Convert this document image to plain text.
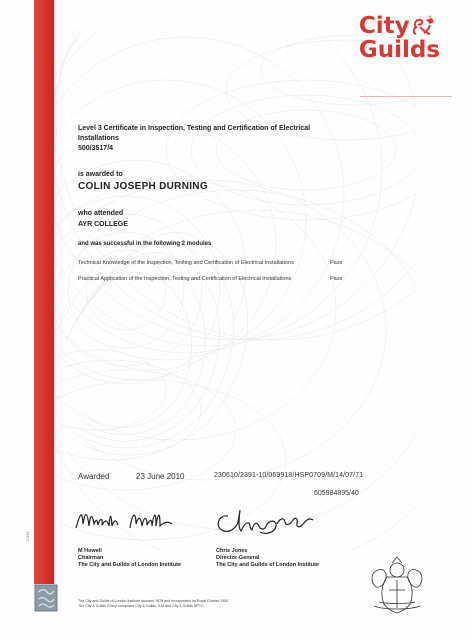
City
Guilds
Level 3 Certificate in Inspection, Testing and Certification of Electrical Installations
500/3517/4
is awarded to
COLIN JOSEPH DURNING
who attended
AYR COLLEGE
and was successful in the following 2 modules
Technical Knowledge of the Inspection, Testing and Certification of Electrical Installations	Pass
Practical Application of the Inspection, Testing and Certification of Electrical Installations	Pass
Awarded	23 June 2010	230610/2391-10/069918/HSP0709/M/14/07/71
605984895/40
M Howell
Chairman
The City and Guilds of London Institute
Chris Jones
Director-General
The City and Guilds of London Institute
The City and Guilds of London Institute founded 1878 and incorporated by Royal Charter 1900.
The City & Guilds Group comprises City & Guilds, ILM and City & Guilds NPTC.
C031
